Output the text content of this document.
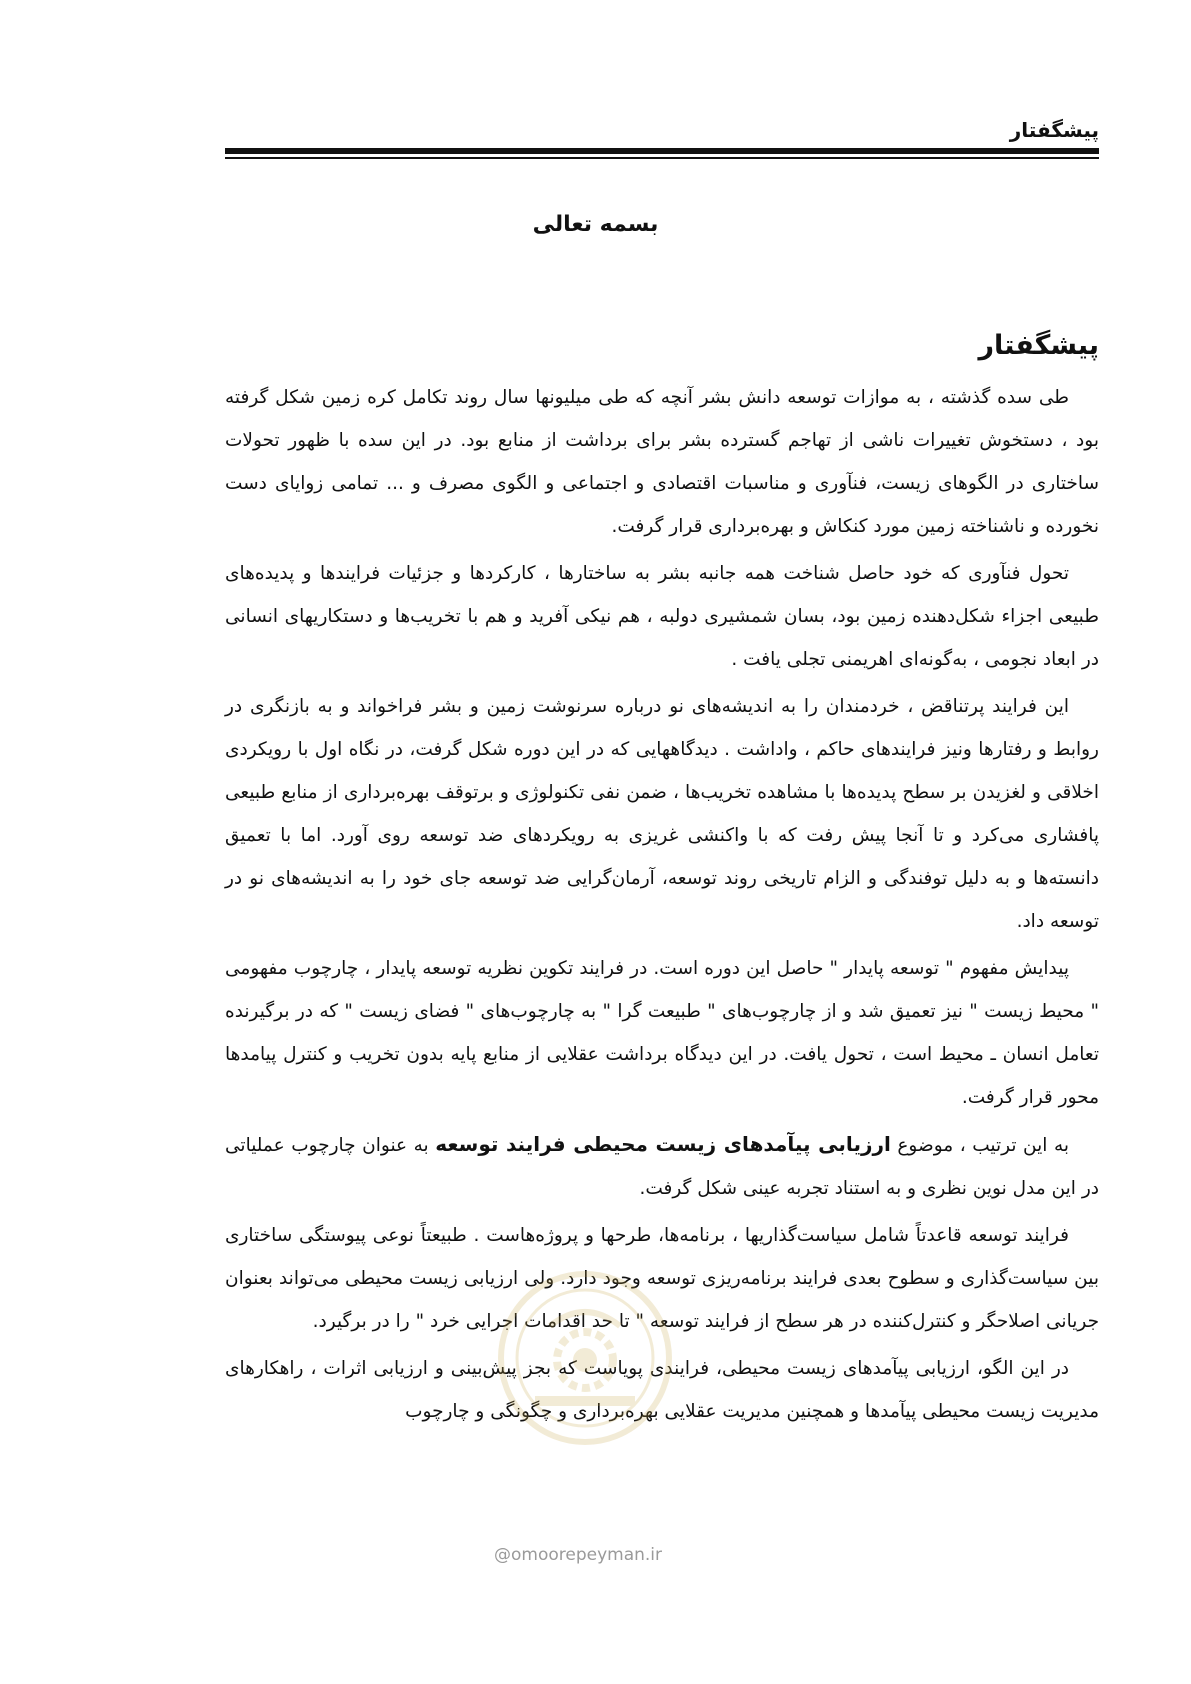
پیشگفتار
بسمه تعالی
پیشگفتار

طی سده گذشته ، به موازات توسعه دانش بشر آنچه که طی میلیونها سال روند تکامل کره زمین شکل گرفته بود ، دستخوش تغییرات ناشی از تهاجم گسترده بشر برای برداشت از منابع بود. در این سده با ظهور تحولات ساختاری در الگوهای زیست، فنآوری و مناسبات اقتصادی و اجتماعی و الگوی مصرف و ... تمامی زوایای دست نخورده و ناشناخته زمین مورد کنکاش و بهره‌برداری قرار گرفت.

تحول فنآوری که خود حاصل شناخت همه جانبه بشر به ساختارها ، کارکردها و جزئیات فرایندها و پدیده‌های طبیعی اجزاء شکل‌دهنده زمین بود، بسان شمشیری دولبه ، هم نیکی آفرید و هم با تخریب‌ها و دستکاریهای انسانی در ابعاد نجومی ، به‌گونه‌ای اهریمنی تجلی یافت .

این فرایند پرتناقض ، خردمندان را به اندیشه‌های نو درباره سرنوشت زمین و بشر فراخواند و به بازنگری در روابط و رفتارها ونیز فرایندهای حاکم ، واداشت . دیدگاههایی که در این دوره شکل گرفت، در نگاه اول با رویکردی اخلاقی و لغزیدن بر سطح پدیده‌ها با مشاهده تخریب‌ها ، ضمن نفی تکنولوژی و برتوقف بهره‌برداری از منابع طبیعی پافشاری می‌کرد و تا آنجا پیش رفت که با واکنشی غریزی به رویکردهای ضد توسعه روی آورد. اما با تعمیق دانسته‌ها و به دلیل توفندگی و الزام تاریخی روند توسعه، آرمان‌گرایی ضد توسعه جای خود را به اندیشه‌های نو در توسعه داد.

پیدایش مفهوم " توسعه پایدار " حاصل این دوره است. در فرایند تکوین نظریه توسعه پایدار ، چارچوب مفهومی " محیط زیست " نیز تعمیق شد و از چارچوب‌های " طبیعت گرا " به چارچوب‌های " فضای زیست " که در برگیرنده تعامل انسان ـ محیط است ، تحول یافت. در این دیدگاه برداشت عقلایی از منابع پایه بدون تخریب و کنترل پیامدها محور قرار گرفت.

به این ترتیب ، موضوع ارزیابی پیآمدهای زیست محیطی فرایند توسعه به عنوان چارچوب عملیاتی در این مدل نوین نظری و به استناد تجربه عینی شکل گرفت.

فرایند توسعه قاعدتاً شامل سیاست‌گذاریها ، برنامه‌ها، طرحها و پروژه‌هاست . طبیعتاً نوعی پیوستگی ساختاری بین سیاست‌گذاری و سطوح بعدی فرایند برنامه‌ریزی توسعه وجود دارد. ولی ارزیابی زیست محیطی می‌تواند بعنوان جریانی اصلاحگر و کنترل‌کننده در هر سطح از فرایند توسعه " تا حد اقدامات اجرایی خرد " را در برگیرد.

در این الگو، ارزیابی پیآمدهای زیست محیطی، فرایندی پویاست که بجز پیش‌بینی و ارزیابی اثرات ، راهکارهای مدیریت زیست محیطی پیآمدها و همچنین مدیریت عقلایی بهره‌برداری و چگونگی و چارچوب

@omoorepeyman.ir
